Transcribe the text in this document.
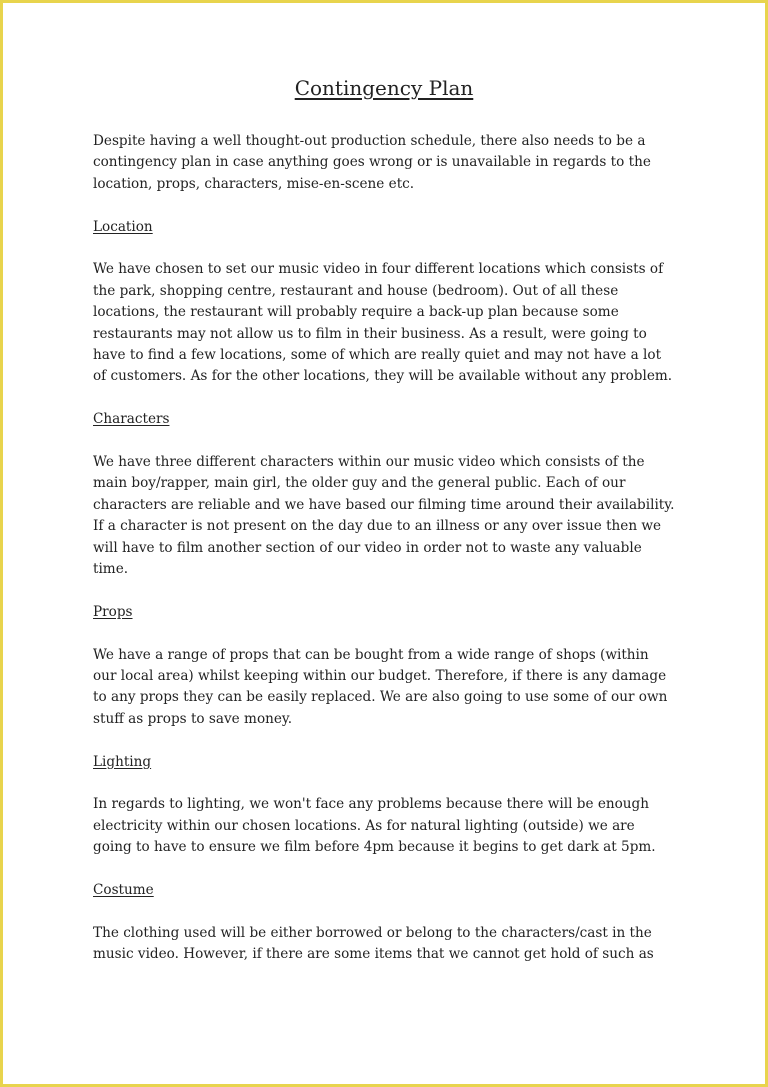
Contingency Plan

Despite having a well thought-out production schedule, there also needs to be a contingency plan in case anything goes wrong or is unavailable in regards to the location, props, characters, mise-en-scene etc.

Location

We have chosen to set our music video in four different locations which consists of the park, shopping centre, restaurant and house (bedroom). Out of all these locations, the restaurant will probably require a back-up plan because some restaurants may not allow us to film in their business. As a result, were going to have to find a few locations, some of which are really quiet and may not have a lot of customers. As for the other locations, they will be available without any problem.

Characters

We have three different characters within our music video which consists of the main boy/rapper, main girl, the older guy and the general public. Each of our characters are reliable and we have based our filming time around their availability. If a character is not present on the day due to an illness or any over issue then we will have to film another section of our video in order not to waste any valuable time.

Props

We have a range of props that can be bought from a wide range of shops (within our local area) whilst keeping within our budget. Therefore, if there is any damage to any props they can be easily replaced. We are also going to use some of our own stuff as props to save money.

Lighting

In regards to lighting, we won't face any problems because there will be enough electricity within our chosen locations. As for natural lighting (outside) we are going to have to ensure we film before 4pm because it begins to get dark at 5pm.

Costume

The clothing used will be either borrowed or belong to the characters/cast in the music video. However, if there are some items that we cannot get hold of such as
